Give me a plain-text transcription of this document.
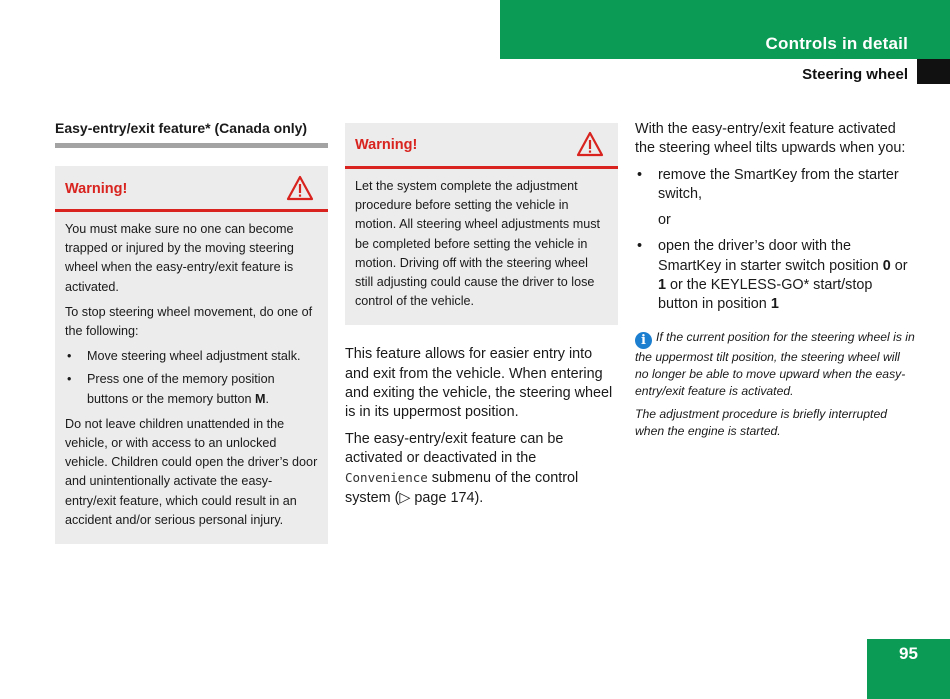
Controls in detail
Steering wheel
Easy-entry/exit feature* (Canada only)
Warning!

You must make sure no one can become trapped or injured by the moving steering wheel when the easy-entry/exit feature is activated.

To stop steering wheel movement, do one of the following:

• Move steering wheel adjustment stalk.
• Press one of the memory position buttons or the memory button M.

Do not leave children unattended in the vehicle, or with access to an unlocked vehicle. Children could open the driver’s door and unintentionally activate the easy-entry/exit feature, which could result in an accident and/or serious personal injury.

Warning!

Let the system complete the adjustment procedure before setting the vehicle in motion. All steering wheel adjustments must be completed before setting the vehicle in motion. Driving off with the steering wheel still adjusting could cause the driver to lose control of the vehicle.

This feature allows for easier entry into and exit from the vehicle. When entering and exiting the vehicle, the steering wheel is in its uppermost position.

The easy-entry/exit feature can be activated or deactivated in the Convenience submenu of the control system (▷ page 174).

With the easy-entry/exit feature activated the steering wheel tilts upwards when you:

• remove the SmartKey from the starter switch,
or
• open the driver’s door with the SmartKey in starter switch position 0 or 1 or the KEYLESS-GO* start/stop button in position 1

i If the current position for the steering wheel is in the uppermost tilt position, the steering wheel will no longer be able to move upward when the easy-entry/exit feature is activated.

The adjustment procedure is briefly interrupted when the engine is started.

95
